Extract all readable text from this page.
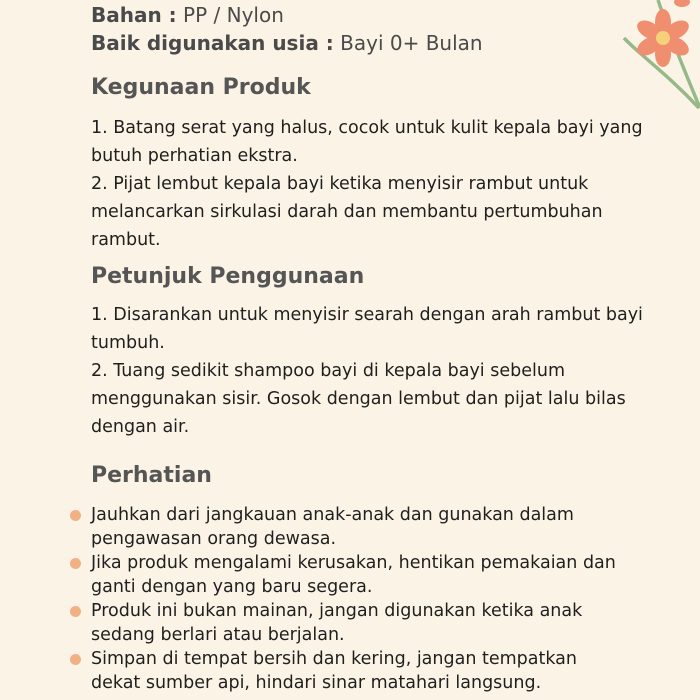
Bahan : PP / Nylon

Baik digunakan usia : Bayi 0+ Bulan

Kegunaan Produk

1. Batang serat yang halus, cocok untuk kulit kepala bayi yang butuh perhatian ekstra.

2. Pijat lembut kepala bayi ketika menyisir rambut untuk melancarkan sirkulasi darah dan membantu pertumbuhan rambut.

Petunjuk Penggunaan

1. Disarankan untuk menyisir searah dengan arah rambut bayi tumbuh.

2. Tuang sedikit shampoo bayi di kepala bayi sebelum menggunakan sisir. Gosok dengan lembut dan pijat lalu bilas dengan air.

Perhatian
Jauhkan dari jangkauan anak-anak dan gunakan dalam pengawasan orang dewasa.
Jika produk mengalami kerusakan, hentikan pemakaian dan ganti dengan yang baru segera.
Produk ini bukan mainan, jangan digunakan ketika anak sedang berlari atau berjalan.
Simpan di tempat bersih dan kering, jangan tempatkan dekat sumber api, hindari sinar matahari langsung.
